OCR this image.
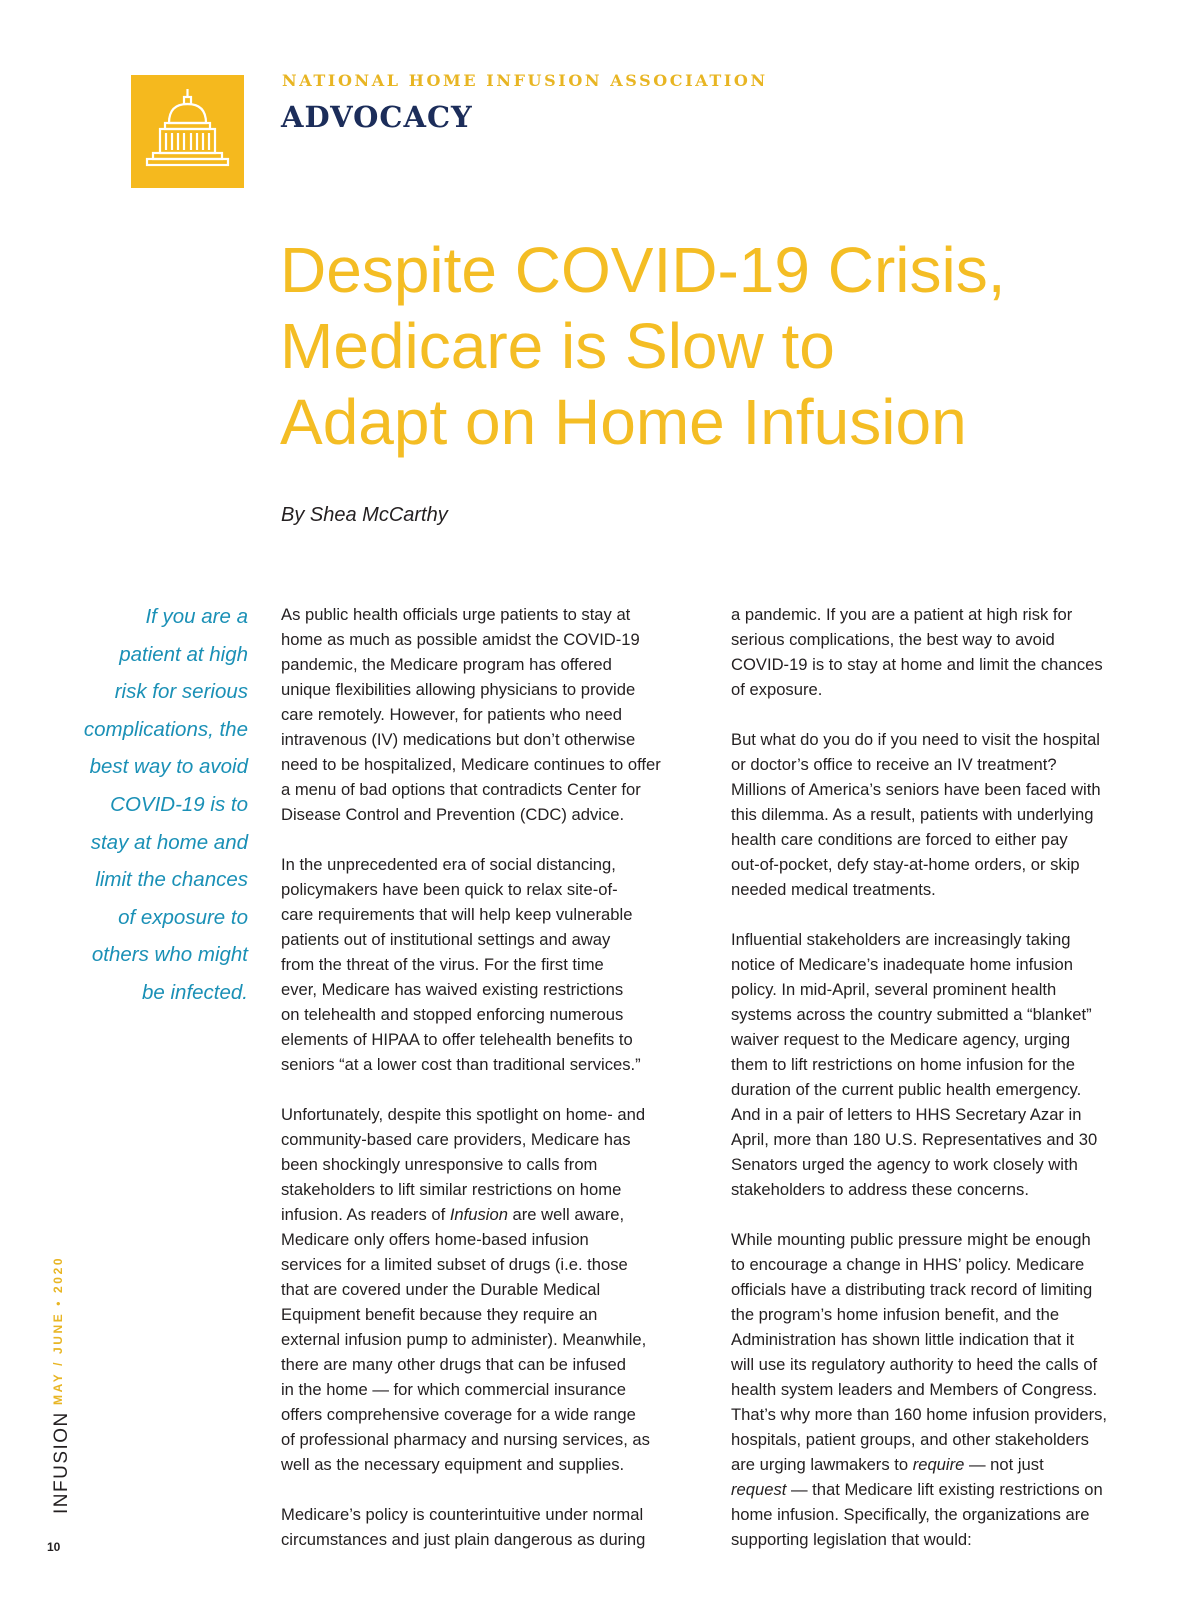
NATIONAL HOME INFUSION ASSOCIATION
ADVOCACY
Despite COVID-19 Crisis,
Medicare is Slow to
Adapt on Home Infusion
By Shea McCarthy
If you are a
patient at high
risk for serious
complications, the
best way to avoid
COVID-19 is to
stay at home and
limit the chances
of exposure to
others who might
be infected.

As public health officials urge patients to stay at
home as much as possible amidst the COVID-19
pandemic, the Medicare program has offered
unique flexibilities allowing physicians to provide
care remotely. However, for patients who need
intravenous (IV) medications but don’t otherwise
need to be hospitalized, Medicare continues to offer
a menu of bad options that contradicts Center for
Disease Control and Prevention (CDC) advice.

In the unprecedented era of social distancing,
policymakers have been quick to relax site-of-
care requirements that will help keep vulnerable
patients out of institutional settings and away
from the threat of the virus. For the first time
ever, Medicare has waived existing restrictions
on telehealth and stopped enforcing numerous
elements of HIPAA to offer telehealth benefits to
seniors “at a lower cost than traditional services.”

Unfortunately, despite this spotlight on home- and
community-based care providers, Medicare has
been shockingly unresponsive to calls from
stakeholders to lift similar restrictions on home
infusion. As readers of Infusion are well aware,
Medicare only offers home-based infusion
services for a limited subset of drugs (i.e. those
that are covered under the Durable Medical
Equipment benefit because they require an
external infusion pump to administer). Meanwhile,
there are many other drugs that can be infused
in the home — for which commercial insurance
offers comprehensive coverage for a wide range
of professional pharmacy and nursing services, as
well as the necessary equipment and supplies.

Medicare’s policy is counterintuitive under normal
circumstances and just plain dangerous as during

a pandemic. If you are a patient at high risk for
serious complications, the best way to avoid
COVID-19 is to stay at home and limit the chances
of exposure.

But what do you do if you need to visit the hospital
or doctor’s office to receive an IV treatment?
Millions of America’s seniors have been faced with
this dilemma. As a result, patients with underlying
health care conditions are forced to either pay
out-of-pocket, defy stay-at-home orders, or skip
needed medical treatments.

Influential stakeholders are increasingly taking
notice of Medicare’s inadequate home infusion
policy. In mid-April, several prominent health
systems across the country submitted a “blanket”
waiver request to the Medicare agency, urging
them to lift restrictions on home infusion for the
duration of the current public health emergency.
And in a pair of letters to HHS Secretary Azar in
April, more than 180 U.S. Representatives and 30
Senators urged the agency to work closely with
stakeholders to address these concerns.

While mounting public pressure might be enough
to encourage a change in HHS’ policy. Medicare
officials have a distributing track record of limiting
the program’s home infusion benefit, and the
Administration has shown little indication that it
will use its regulatory authority to heed the calls of
health system leaders and Members of Congress.
That’s why more than 160 home infusion providers,
hospitals, patient groups, and other stakeholders
are urging lawmakers to require — not just
request — that Medicare lift existing restrictions on
home infusion. Specifically, the organizations are
supporting legislation that would:

MAY / JUNE • 2020
INFUSION
10
